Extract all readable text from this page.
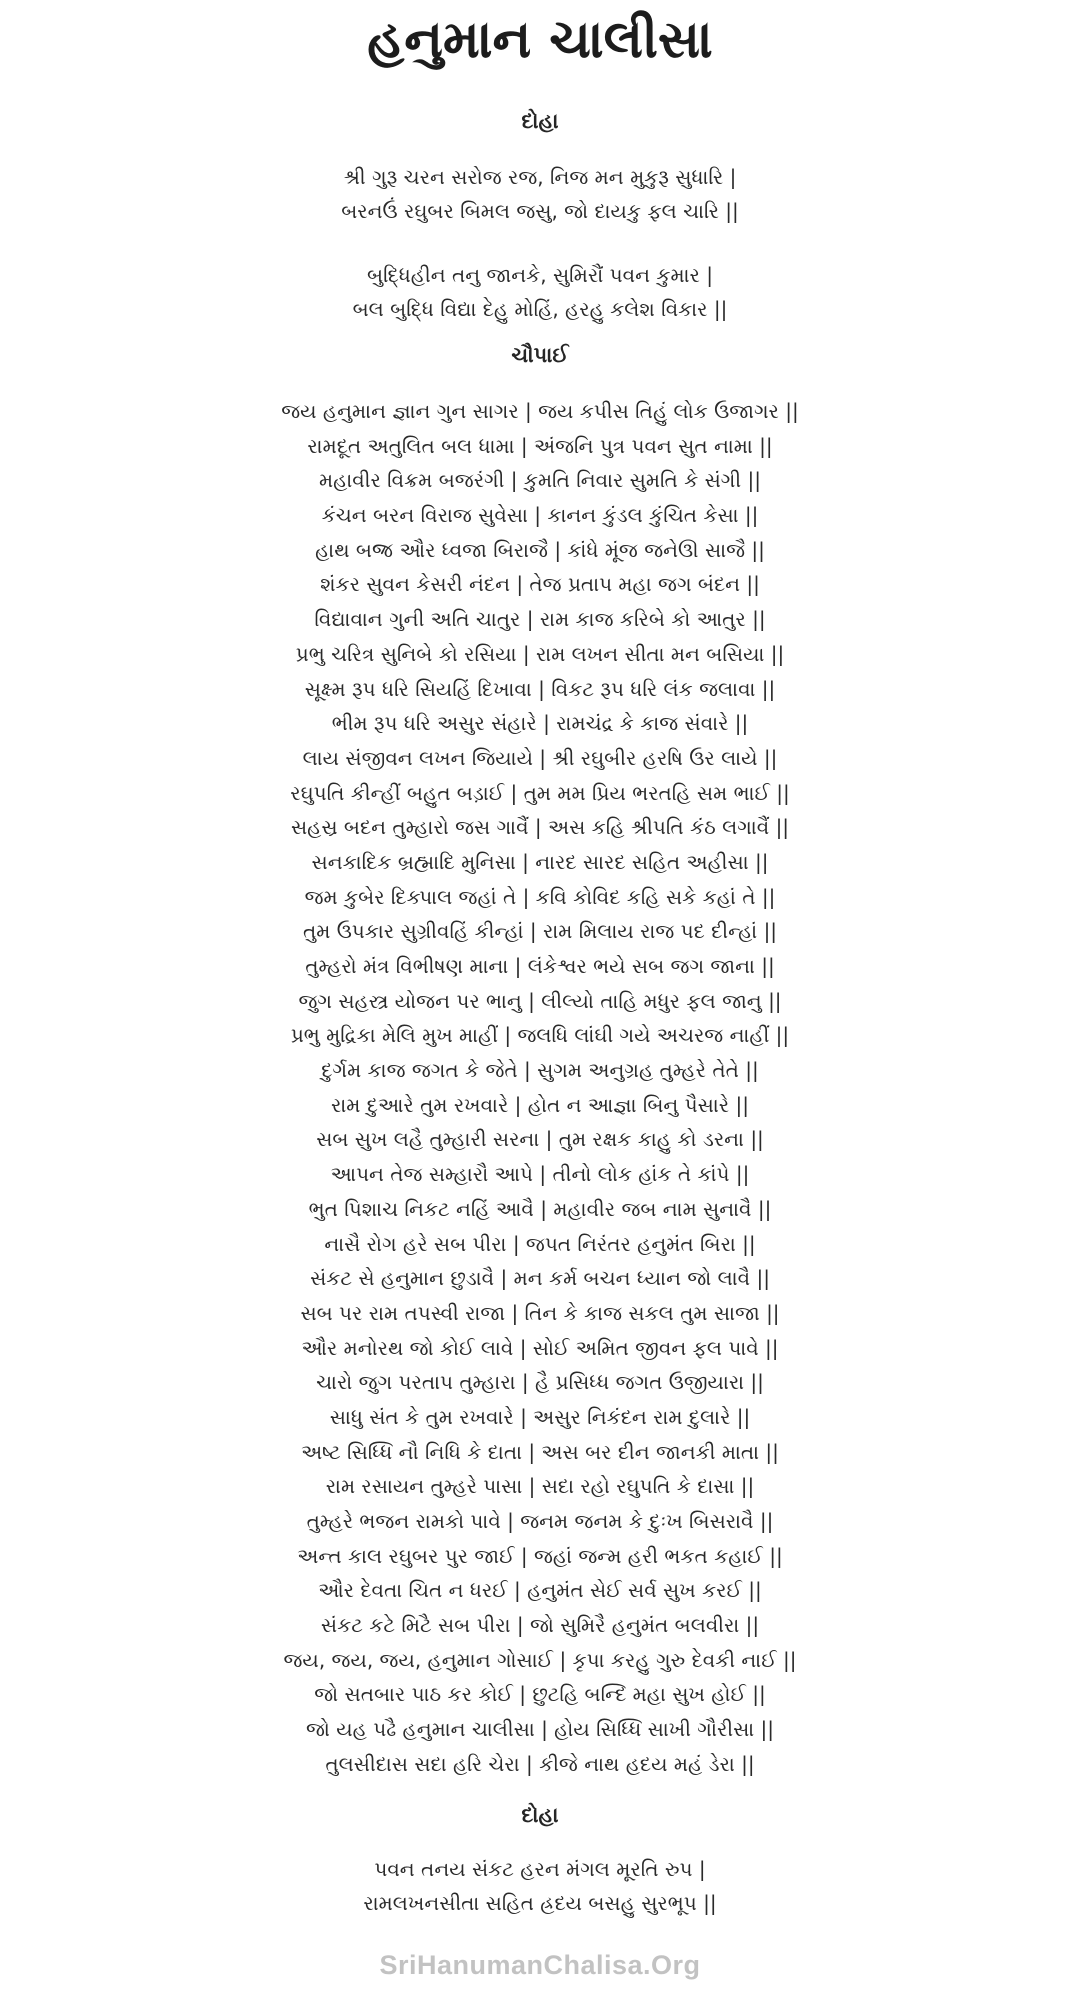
હનુમાન ચાલીસા
દોહા
શ્રી ગુરૂ ચરન સરોજ રજ, નિજ મન મુકુરૂ સુધારિ |
બરનઉં રઘુબર બિમલ જસુ, જો દાયકુ ફલ ચારિ ||
બુદ્ધિહીન તનુ જાનકે, સુમિરૌં પવન કુમાર |
બલ બુદ્ધિ વિદ્યા દેહુ મોહિં, હરહુ કલેશ વિકાર ||
ચૌપાઈ
જય હનુમાન જ્ઞાન ગુન સાગર | જય કપીસ તિહું લોક ઉજાગર ||
રામદૂત અતુલિત બલ ધામા | અંજનિ પુત્ર પવન સુત નામા ||
મહાવીર વિક્રમ બજરંગી | કુમતિ નિવાર સુમતિ કે સંગી ||
કંચન બરન વિરાજ સુવેસા | કાનન કુંડલ કુંચિત કેસા ||
હાથ બજ્ર ઔર ધ્વજા બિરાજૈ | કાંધે મૂંજ જનેઊ સાજૈ ||
શંકર સુવન કેસરી નંદન | તેજ પ્રતાપ મહા જગ બંદન ||
વિદ્યાવાન ગુની અતિ ચાતુર | રામ કાજ કરિબે કો આતુર ||
પ્રભુ ચરિત્ર સુનિબે કો રસિયા | રામ લખન સીતા મન બસિયા ||
સૂક્ષ્મ રૂપ ધરિ સિયહિં દિખાવા | વિકટ રૂપ ધરિ લંક જલાવા ||
ભીમ રૂપ ધરિ અસુર સંહારે | રામચંદ્ર કે કાજ સંવારે ||
લાય સંજીવન લખન જિયાયે | શ્રી રઘુબીર હરષિ ઉર લાયે ||
રઘુપતિ કીન્હીં બહુત બડ઼ાઈ | તુમ મમ પ્રિય ભરતહિ સમ ભાઈ ||
સહસ્ર બદન તુમ્હારો જસ ગાવૈં | અસ કહિ શ્રીપતિ કંઠ લગાવૈં ||
સનકાદિક બ્રહ્માદિ મુનિસા | નારદ સારદ સહિત અહીસા ||
જમ કુબેર દિક્પાલ જહાં તે | કવિ કોવિદ કહિ સકે કહાં તે ||
તુમ ઉપકાર સુગ્રીવહિં કીન્હાં | રામ મિલાય રાજ પદ દીન્હાં ||
તુમ્હરો મંત્ર વિભીષણ માના | લંકેશ્વર ભયે સબ જગ જાના ||
જુગ સહસ્ત્ર યોજન પર ભાનુ | લીલ્યો તાહિ મધુર ફલ જાનુ ||
પ્રભુ મુદ્રિકા મેલિ મુખ માહીં | જલધિ લાંઘી ગયે અચરજ નાહીં ||
દુર્ગમ કાજ જગત કે જેતે | સુગમ અનુગ્રહ તુમ્હરે તેતે ||
રામ દુઆરે તુમ રખવારે | હોત ન આજ્ઞા બિનુ પૈસારે ||
સબ સુખ લહૈ તુમ્હારી સરના | તુમ રક્ષક કાહુ કો ડરના ||
આપન તેજ સમ્હારૌ આપે | તીનો લોક હાંક તે કાંપે ||
ભુત પિશાચ નિકટ નહિં આવૈ | મહાવીર જબ નામ સુનાવૈ ||
નાસૈ રોગ હરે સબ પીરા | જપત નિરંતર હનુમંત બિરા ||
સંકટ સે હનુમાન છુડાવૈ | મન કર્મ બચન ધ્યાન જો લાવૈ ||
સબ પર રામ તપસ્વી રાજા | તિન કે કાજ સકલ તુમ સાજા ||
ઔર મનોરથ જો કોઈ લાવે | સોઈ અમિત જીવન ફલ પાવે ||
ચારો જુગ પરતાપ તુમ્હારા | હૈ પ્રસિધ્ધ જગત ઉજીયારા ||
સાધુ સંત કે તુમ રખવારે | અસુર નિકંદન રામ દુલારે ||
અષ્ટ સિધ્ધિ નૌ નિધિ કે દાતા | અસ બર દીન જાનકી માતા ||
રામ રસાયન તુમ્હરે પાસા | સદા રહો રઘુપતિ કે દાસા ||
તુમ્હરે ભજન રામકો પાવે | જનમ જનમ કે દુઃખ બિસરાવૈ ||
અન્ત કાલ રઘુબર પુર જાઈ | જહાં જન્મ હરી ભકત કહાઈ ||
ઔર દેવતા ચિત ન ધરઈ | હનુમંત સેઈ સર્વ સુખ કરઈ ||
સંકટ કટે મિટૈ સબ પીરા | જો સુમિરૈ હનુમંત બલવીરા ||
જય, જય, જય, હનુમાન ગોસાઈ | કૃપા કરહુ ગુરુ દેવકી નાઈ ||
જો સતબાર પાઠ કર કોઈ | છુટહિ બન્દિ મહા સુખ હોઈ ||
જો યહ પઢૈ હનુમાન ચાલીસા | હોય સિધ્ધિ સાખી ગૌરીસા ||
તુલસીદાસ સદા હરિ ચેરા | કીજે નાથ હદય મહં ડેરા ||
દોહા
પવન તનય સંકટ હરન મંગલ મૂરતિ રુપ |
રામલખનસીતા સહિત હ્રદય બસહુ સુરભૂપ ||
SriHanumanChalisa.Org
